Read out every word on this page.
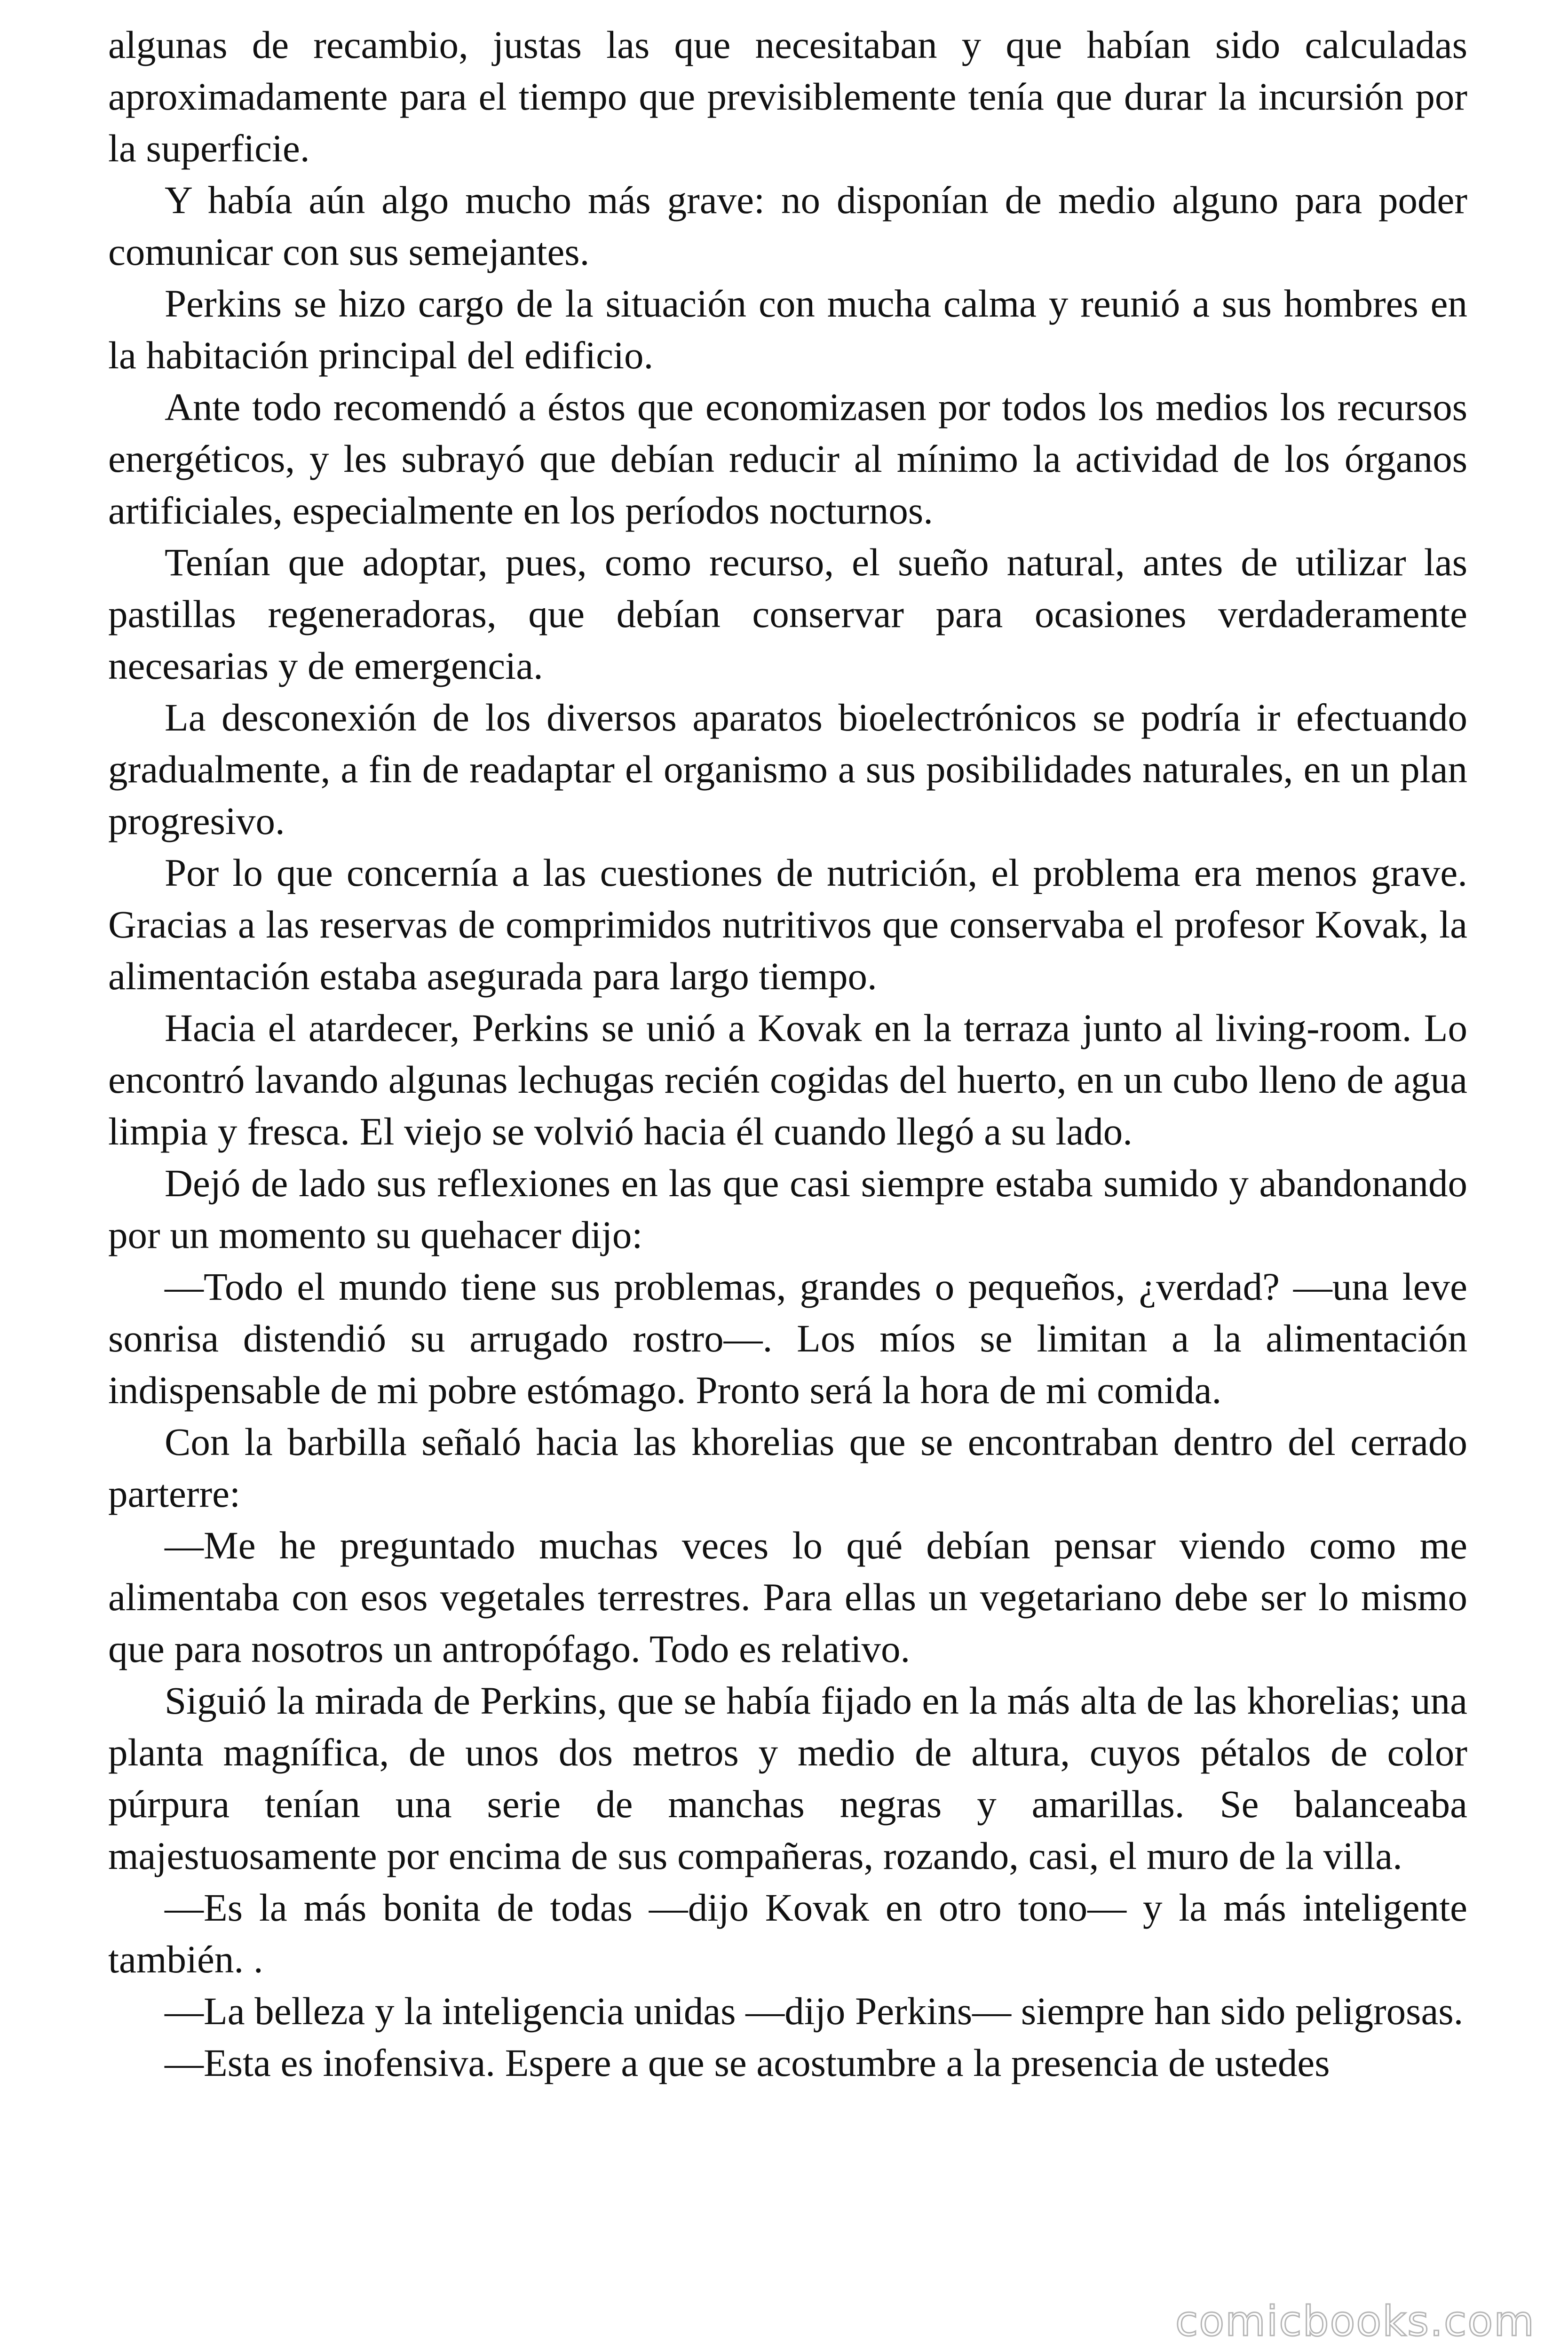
algunas de recambio, justas las que necesitaban y que habían sido calculadas aproximadamente para el tiempo que previsiblemente tenía que durar la incursión por la superficie.

Y había aún algo mucho más grave: no disponían de medio alguno para poder comunicar con sus semejantes.

Perkins se hizo cargo de la situación con mucha calma y reunió a sus hombres en la habitación principal del edificio.

Ante todo recomendó a éstos que economizasen por todos los medios los recursos energéticos, y les subrayó que debían reducir al mínimo la actividad de los órganos artificiales, especialmente en los períodos nocturnos.

Tenían que adoptar, pues, como recurso, el sueño natural, antes de utilizar las pastillas regeneradoras, que debían conservar para ocasiones verdaderamente necesarias y de emergencia.

La desconexión de los diversos aparatos bioelectrónicos se podría ir efectuando gradualmente, a fin de readaptar el organismo a sus posibilidades naturales, en un plan progresivo.

Por lo que concernía a las cuestiones de nutrición, el problema era menos grave. Gracias a las reservas de comprimidos nutritivos que conservaba el profesor Kovak, la alimentación estaba asegurada para largo tiempo.

Hacia el atardecer, Perkins se unió a Kovak en la terraza junto al living-room. Lo encontró lavando algunas lechugas recién cogidas del huerto, en un cubo lleno de agua limpia y fresca. El viejo se volvió hacia él cuando llegó a su lado.

Dejó de lado sus reflexiones en las que casi siempre estaba sumido y abandonando por un momento su quehacer dijo:

—Todo el mundo tiene sus problemas, grandes o pequeños, ¿verdad? —una leve sonrisa distendió su arrugado rostro—. Los míos se limitan a la alimentación indispensable de mi pobre estómago. Pronto será la hora de mi comida.

Con la barbilla señaló hacia las khorelias que se encontraban dentro del cerrado parterre:

—Me he preguntado muchas veces lo qué debían pensar viendo como me alimentaba con esos vegetales terrestres. Para ellas un vegetariano debe ser lo mismo que para nosotros un antropófago. Todo es relativo.

Siguió la mirada de Perkins, que se había fijado en la más alta de las khorelias; una planta magnífica, de unos dos metros y medio de altura, cuyos pétalos de color púrpura tenían una serie de manchas negras y amarillas. Se balanceaba majestuosamente por encima de sus compañeras, rozando, casi, el muro de la villa.

—Es la más bonita de todas —dijo Kovak en otro tono— y la más inteligente también. .

—La belleza y la inteligencia unidas —dijo Perkins— siempre han sido peligrosas.

—Esta es inofensiva. Espere a que se acostumbre a la presencia de ustedes

comicbooks.com
